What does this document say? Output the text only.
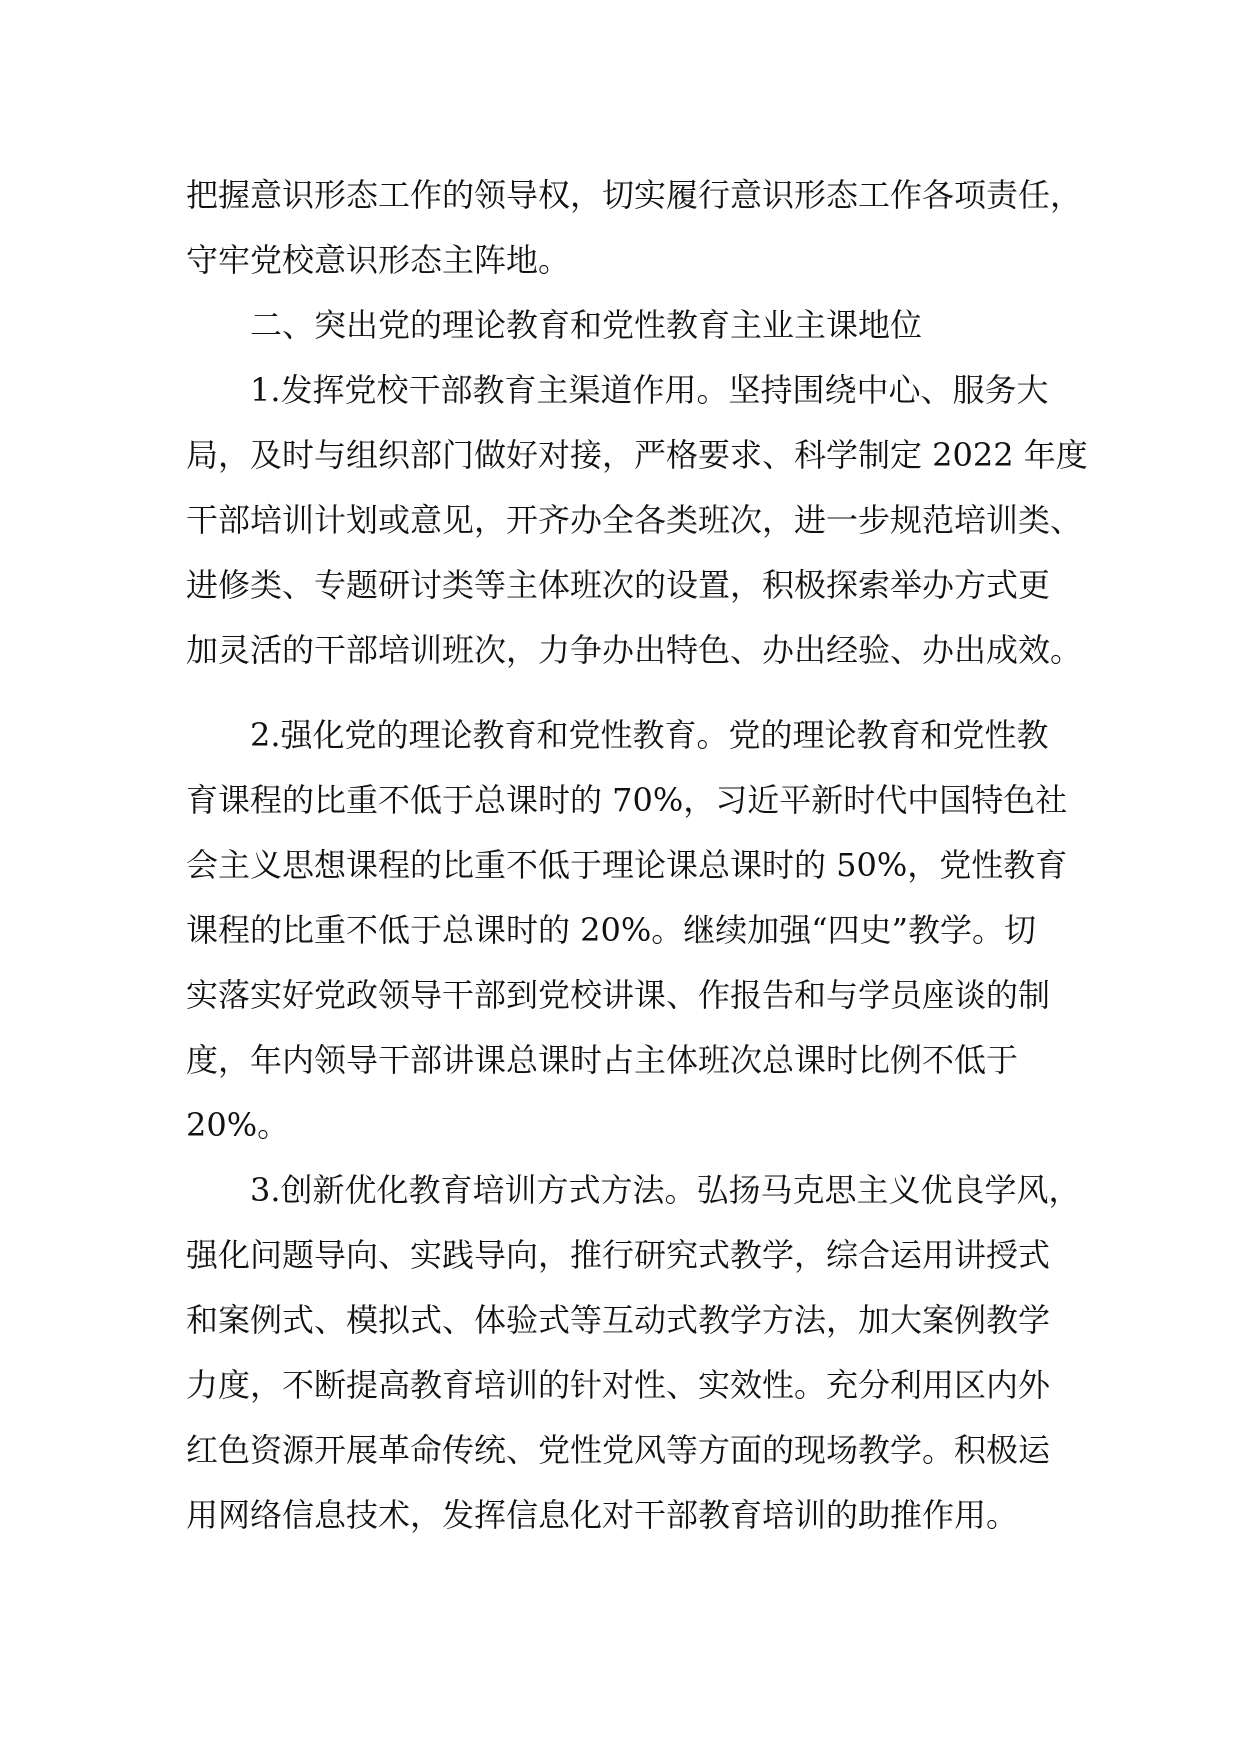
把握意识形态工作的领导权，切实履行意识形态工作各项责任，
守牢党校意识形态主阵地。
二、突出党的理论教育和党性教育主业主课地位
1.发挥党校干部教育主渠道作用。坚持围绕中心、服务大
局，及时与组织部门做好对接，严格要求、科学制定 2022 年度
干部培训计划或意见，开齐办全各类班次，进一步规范培训类、
进修类、专题研讨类等主体班次的设置，积极探索举办方式更
加灵活的干部培训班次，力争办出特色、办出经验、办出成效。
2.强化党的理论教育和党性教育。党的理论教育和党性教
育课程的比重不低于总课时的 70%，习近平新时代中国特色社
会主义思想课程的比重不低于理论课总课时的 50%，党性教育
课程的比重不低于总课时的 20%。继续加强“四史”教学。切
实落实好党政领导干部到党校讲课、作报告和与学员座谈的制
度，年内领导干部讲课总课时占主体班次总课时比例不低于
20%。
3.创新优化教育培训方式方法。弘扬马克思主义优良学风，
强化问题导向、实践导向，推行研究式教学，综合运用讲授式
和案例式、模拟式、体验式等互动式教学方法，加大案例教学
力度，不断提高教育培训的针对性、实效性。充分利用区内外
红色资源开展革命传统、党性党风等方面的现场教学。积极运
用网络信息技术，发挥信息化对干部教育培训的助推作用。
